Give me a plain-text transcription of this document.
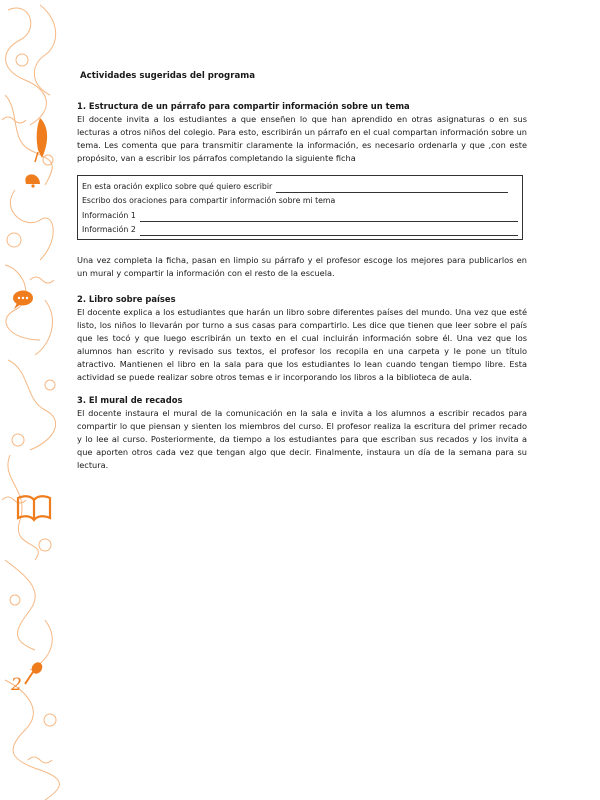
2

Actividades sugeridas del programa

1. Estructura de un párrafo para compartir información sobre un tema

El docente invita a los estudiantes a que enseñen lo que han aprendido en otras asignaturas o en sus lecturas a otros niños del colegio. Para esto, escribirán un párrafo en el cual compartan información sobre un tema. Les comenta que para transmitir claramente la información, es necesario ordenarla y que ,con este propósito, van a escribir los párrafos completando la siguiente ficha

En esta oración explico sobre qué quiero escribir
Escribo dos oraciones para compartir información sobre mi tema
Información 1
Información 2

Una vez completa la ficha, pasan en limpio su párrafo y el profesor escoge los mejores para publicarlos en un mural y compartir la información con el resto de la escuela.

2. Libro sobre países

El docente explica a los estudiantes que harán un libro sobre diferentes países del mundo. Una vez que esté listo, los niños lo llevarán por turno a sus casas para compartirlo. Les dice que tienen que leer sobre el país que les tocó y que luego escribirán un texto en el cual incluirán información sobre él. Una vez que los alumnos han escrito y revisado sus textos, el profesor los recopila en una carpeta y le pone un título atractivo. Mantienen el libro en la sala para que los estudiantes lo lean cuando tengan tiempo libre. Esta actividad se puede realizar sobre otros temas e ir incorporando los libros a la biblioteca de aula.

3. El mural de recados

El docente instaura el mural de la comunicación en la sala e invita a los alumnos a escribir recados para compartir lo que piensan y sienten los miembros del curso. El profesor realiza la escritura del primer recado y lo lee al curso. Posteriormente, da tiempo a los estudiantes para que escriban sus recados y los invita a que aporten otros cada vez que tengan algo que decir. Finalmente, instaura un día de la semana para su lectura.
